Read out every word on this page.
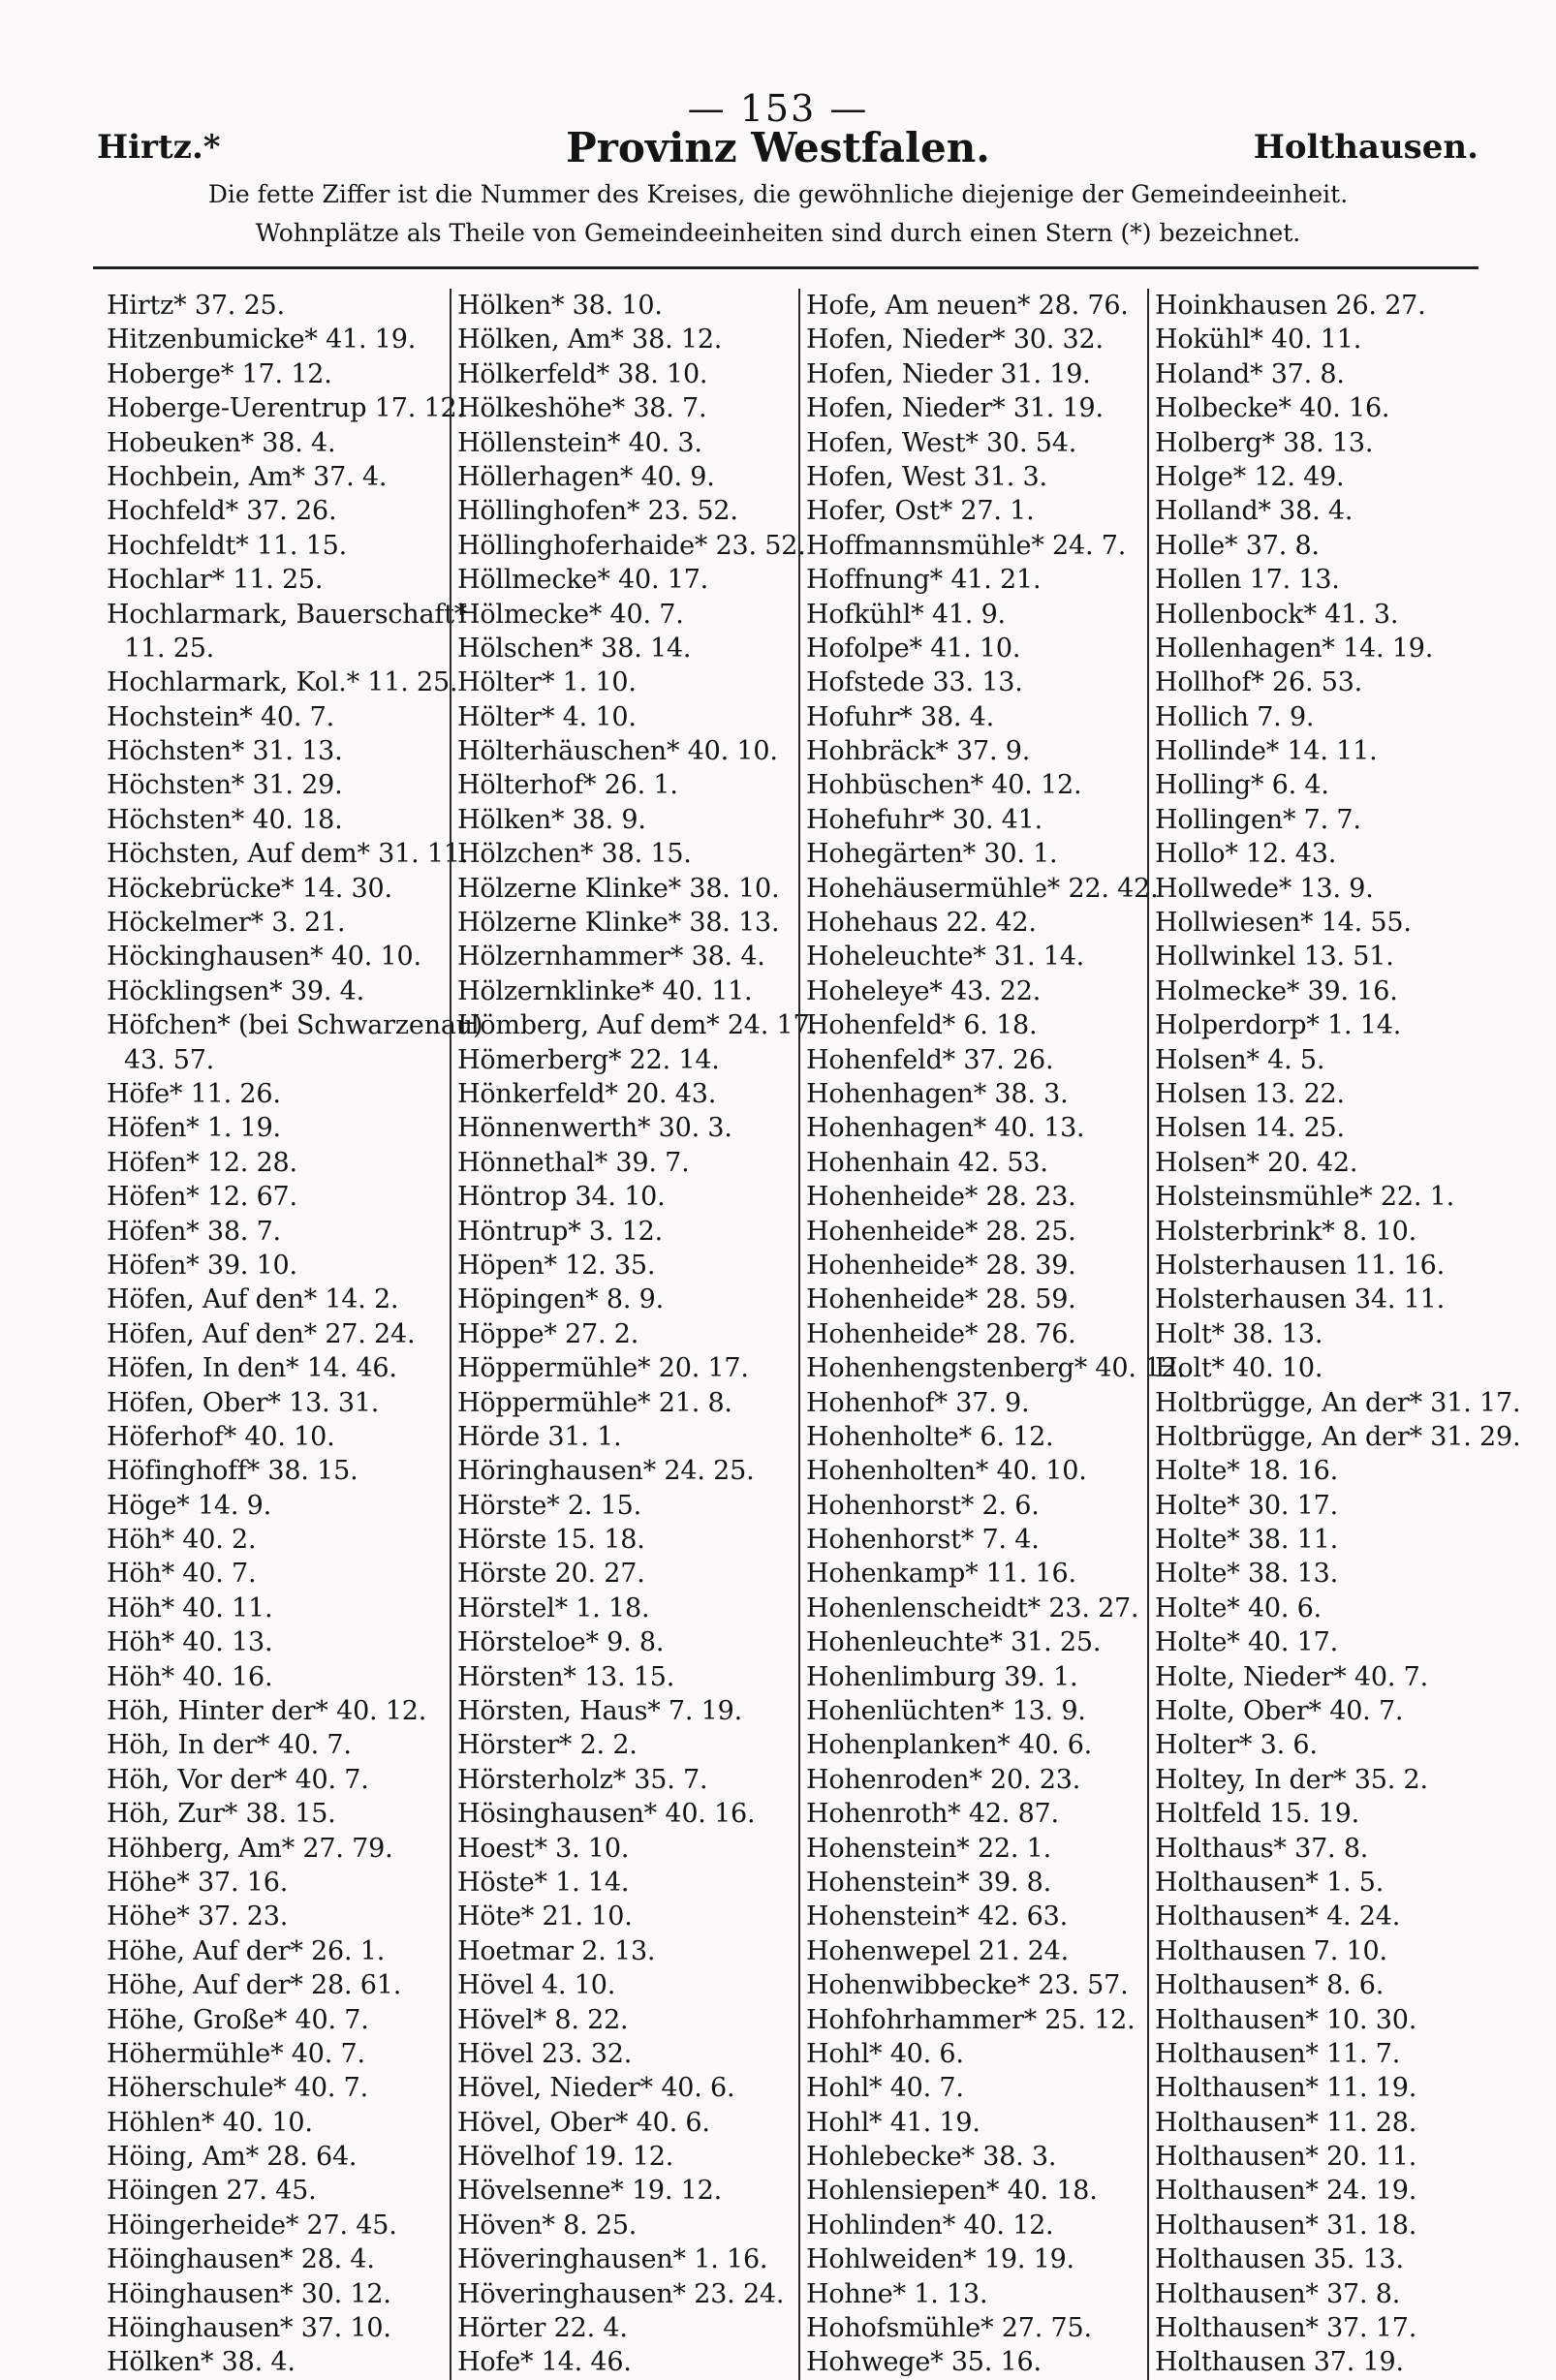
— 153 —
Hirtz.*	Provinz Westfalen.	Holthausen.
Die fette Ziffer ist die Nummer des Kreises, die gewöhnliche diejenige der Gemeindeeinheit.
Wohnplätze als Theile von Gemeindeeinheiten sind durch einen Stern (*) bezeichnet.
Hirtz* 37. 25.
Hitzenbumicke* 41. 19.
Hoberge* 17. 12.
Hoberge-Uerentrup 17. 12.
Hobeuken* 38. 4.
Hochbein, Am* 37. 4.
Hochfeld* 37. 26.
Hochfeldt* 11. 15.
Hochlar* 11. 25.
Hochlarmark, Bauerschaft*
11. 25.
Hochlarmark, Kol.* 11. 25.
Hochstein* 40. 7.
Höchsten* 31. 13.
Höchsten* 31. 29.
Höchsten* 40. 18.
Höchsten, Auf dem* 31. 11.
Höckebrücke* 14. 30.
Höckelmer* 3. 21.
Höckinghausen* 40. 10.
Höcklingsen* 39. 4.
Höfchen* (bei Schwarzenau)
43. 57.
Höfe* 11. 26.
Höfen* 1. 19.
Höfen* 12. 28.
Höfen* 12. 67.
Höfen* 38. 7.
Höfen* 39. 10.
Höfen, Auf den* 14. 2.
Höfen, Auf den* 27. 24.
Höfen, In den* 14. 46.
Höfen, Ober* 13. 31.
Höferhof* 40. 10.
Höfinghoff* 38. 15.
Höge* 14. 9.
Höh* 40. 2.
Höh* 40. 7.
Höh* 40. 11.
Höh* 40. 13.
Höh* 40. 16.
Höh, Hinter der* 40. 12.
Höh, In der* 40. 7.
Höh, Vor der* 40. 7.
Höh, Zur* 38. 15.
Höhberg, Am* 27. 79.
Höhe* 37. 16.
Höhe* 37. 23.
Höhe, Auf der* 26. 1.
Höhe, Auf der* 28. 61.
Höhe, Große* 40. 7.
Höhermühle* 40. 7.
Höherschule* 40. 7.
Höhlen* 40. 10.
Höing, Am* 28. 64.
Höingen 27. 45.
Höingerheide* 27. 45.
Höinghausen* 28. 4.
Höinghausen* 30. 12.
Höinghausen* 37. 10.
Hölken* 38. 4.
Hölken* 38. 10.
Hölken, Am* 38. 12.
Hölkerfeld* 38. 10.
Hölkeshöhe* 38. 7.
Höllenstein* 40. 3.
Höllerhagen* 40. 9.
Höllinghofen* 23. 52.
Höllinghoferhaide* 23. 52.
Höllmecke* 40. 17.
Hölmecke* 40. 7.
Hölschen* 38. 14.
Hölter* 1. 10.
Hölter* 4. 10.
Hölterhäuschen* 40. 10.
Hölterhof* 26. 1.
Hölken* 38. 9.
Hölzchen* 38. 15.
Hölzerne Klinke* 38. 10.
Hölzerne Klinke* 38. 13.
Hölzernhammer* 38. 4.
Hölzernklinke* 40. 11.
Hömberg, Auf dem* 24. 17.
Hömerberg* 22. 14.
Hönkerfeld* 20. 43.
Hönnenwerth* 30. 3.
Hönnethal* 39. 7.
Höntrop 34. 10.
Höntrup* 3. 12.
Höpen* 12. 35.
Höpingen* 8. 9.
Höppe* 27. 2.
Höppermühle* 20. 17.
Höppermühle* 21. 8.
Hörde 31. 1.
Höringhausen* 24. 25.
Hörste* 2. 15.
Hörste 15. 18.
Hörste 20. 27.
Hörstel* 1. 18.
Hörsteloe* 9. 8.
Hörsten* 13. 15.
Hörsten, Haus* 7. 19.
Hörster* 2. 2.
Hörsterholz* 35. 7.
Hösinghausen* 40. 16.
Hoest* 3. 10.
Höste* 1. 14.
Höte* 21. 10.
Hoetmar 2. 13.
Hövel 4. 10.
Hövel* 8. 22.
Hövel 23. 32.
Hövel, Nieder* 40. 6.
Hövel, Ober* 40. 6.
Hövelhof 19. 12.
Hövelsenne* 19. 12.
Höven* 8. 25.
Höveringhausen* 1. 16.
Höveringhausen* 23. 24.
Hörter 22. 4.
Hofe* 14. 46.
Hofe, Am neuen* 28. 76.
Hofen, Nieder* 30. 32.
Hofen, Nieder 31. 19.
Hofen, Nieder* 31. 19.
Hofen, West* 30. 54.
Hofen, West 31. 3.
Hofer, Ost* 27. 1.
Hoffmannsmühle* 24. 7.
Hoffnung* 41. 21.
Hofkühl* 41. 9.
Hofolpe* 41. 10.
Hofstede 33. 13.
Hofuhr* 38. 4.
Hohbräck* 37. 9.
Hohbüschen* 40. 12.
Hohefuhr* 30. 41.
Hohegärten* 30. 1.
Hohehäusermühle* 22. 42.
Hohehaus 22. 42.
Hoheleuchte* 31. 14.
Hoheleye* 43. 22.
Hohenfeld* 6. 18.
Hohenfeld* 37. 26.
Hohenhagen* 38. 3.
Hohenhagen* 40. 13.
Hohenhain 42. 53.
Hohenheide* 28. 23.
Hohenheide* 28. 25.
Hohenheide* 28. 39.
Hohenheide* 28. 59.
Hohenheide* 28. 76.
Hohenhengstenberg* 40. 12.
Hohenhof* 37. 9.
Hohenholte* 6. 12.
Hohenholten* 40. 10.
Hohenhorst* 2. 6.
Hohenhorst* 7. 4.
Hohenkamp* 11. 16.
Hohenlenscheidt* 23. 27.
Hohenleuchte* 31. 25.
Hohenlimburg 39. 1.
Hohenlüchten* 13. 9.
Hohenplanken* 40. 6.
Hohenroden* 20. 23.
Hohenroth* 42. 87.
Hohenstein* 22. 1.
Hohenstein* 39. 8.
Hohenstein* 42. 63.
Hohenwepel 21. 24.
Hohenwibbecke* 23. 57.
Hohfohrhammer* 25. 12.
Hohl* 40. 6.
Hohl* 40. 7.
Hohl* 41. 19.
Hohlebecke* 38. 3.
Hohlensiepen* 40. 18.
Hohlinden* 40. 12.
Hohlweiden* 19. 19.
Hohne* 1. 13.
Hohofsmühle* 27. 75.
Hohwege* 35. 16.
Hoinkhausen 26. 27.
Hokühl* 40. 11.
Holand* 37. 8.
Holbecke* 40. 16.
Holberg* 38. 13.
Holge* 12. 49.
Holland* 38. 4.
Holle* 37. 8.
Hollen 17. 13.
Hollenbock* 41. 3.
Hollenhagen* 14. 19.
Hollhof* 26. 53.
Hollich 7. 9.
Hollinde* 14. 11.
Holling* 6. 4.
Hollingen* 7. 7.
Hollo* 12. 43.
Hollwede* 13. 9.
Hollwiesen* 14. 55.
Hollwinkel 13. 51.
Holmecke* 39. 16.
Holperdorp* 1. 14.
Holsen* 4. 5.
Holsen 13. 22.
Holsen 14. 25.
Holsen* 20. 42.
Holsteinsmühle* 22. 1.
Holsterbrink* 8. 10.
Holsterhausen 11. 16.
Holsterhausen 34. 11.
Holt* 38. 13.
Holt* 40. 10.
Holtbrügge, An der* 31. 17.
Holtbrügge, An der* 31. 29.
Holte* 18. 16.
Holte* 30. 17.
Holte* 38. 11.
Holte* 38. 13.
Holte* 40. 6.
Holte* 40. 17.
Holte, Nieder* 40. 7.
Holte, Ober* 40. 7.
Holter* 3. 6.
Holtey, In der* 35. 2.
Holtfeld 15. 19.
Holthaus* 37. 8.
Holthausen* 1. 5.
Holthausen* 4. 24.
Holthausen 7. 10.
Holthausen* 8. 6.
Holthausen* 10. 30.
Holthausen* 11. 7.
Holthausen* 11. 19.
Holthausen* 11. 28.
Holthausen* 20. 11.
Holthausen* 24. 19.
Holthausen* 31. 18.
Holthausen 35. 13.
Holthausen* 37. 8.
Holthausen* 37. 17.
Holthausen 37. 19.
